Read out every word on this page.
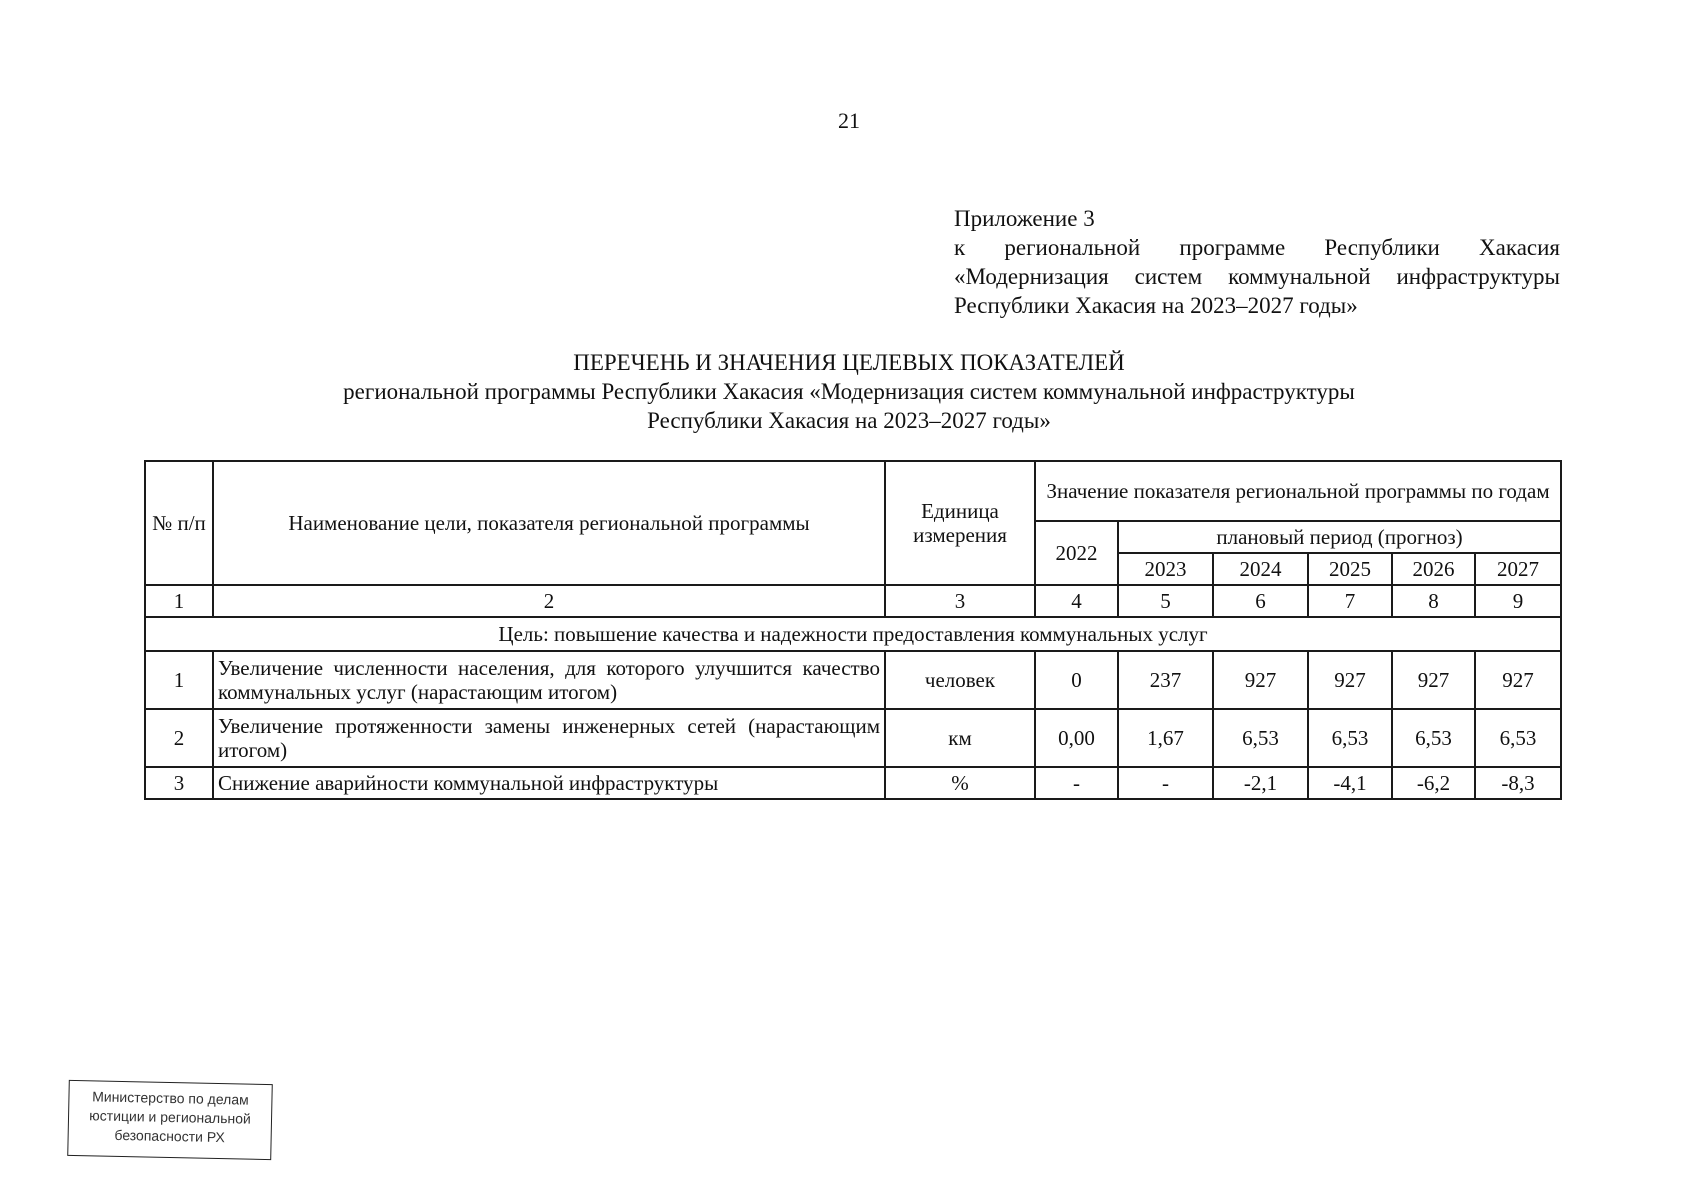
21
Приложение 3
к региональной программе Республики Хакасия
«Модернизация систем коммунальной инфраструктуры
Республики Хакасия на 2023–2027 годы»
ПЕРЕЧЕНЬ И ЗНАЧЕНИЯ ЦЕЛЕВЫХ ПОКАЗАТЕЛЕЙ
региональной программы Республики Хакасия «Модернизация систем коммунальной инфраструктуры
Республики Хакасия на 2023–2027 годы»
№ п/п	Наименование цели, показателя региональной программы	Единица измерения	Значение показателя региональной программы по годам					
			2022	плановый период (прогноз)				
				2023	2024	2025	2026	2027
1	2	3	4	5	6	7	8	9
Цель: повышение качества и надежности предоставления коммунальных услуг								
1	Увеличение численности населения, для которого улучшится качество коммунальных услуг (нарастающим итогом)	человек	0	237	927	927	927	927
2	Увеличение протяженности замены инженерных сетей (нарастающим итогом)	км	0,00	1,67	6,53	6,53	6,53	6,53
3	Снижение аварийности коммунальной инфраструктуры	%	-	-	-2,1	-4,1	-6,2	-8,3
Министерство по делам
юстиции и региональной
безопасности РХ
